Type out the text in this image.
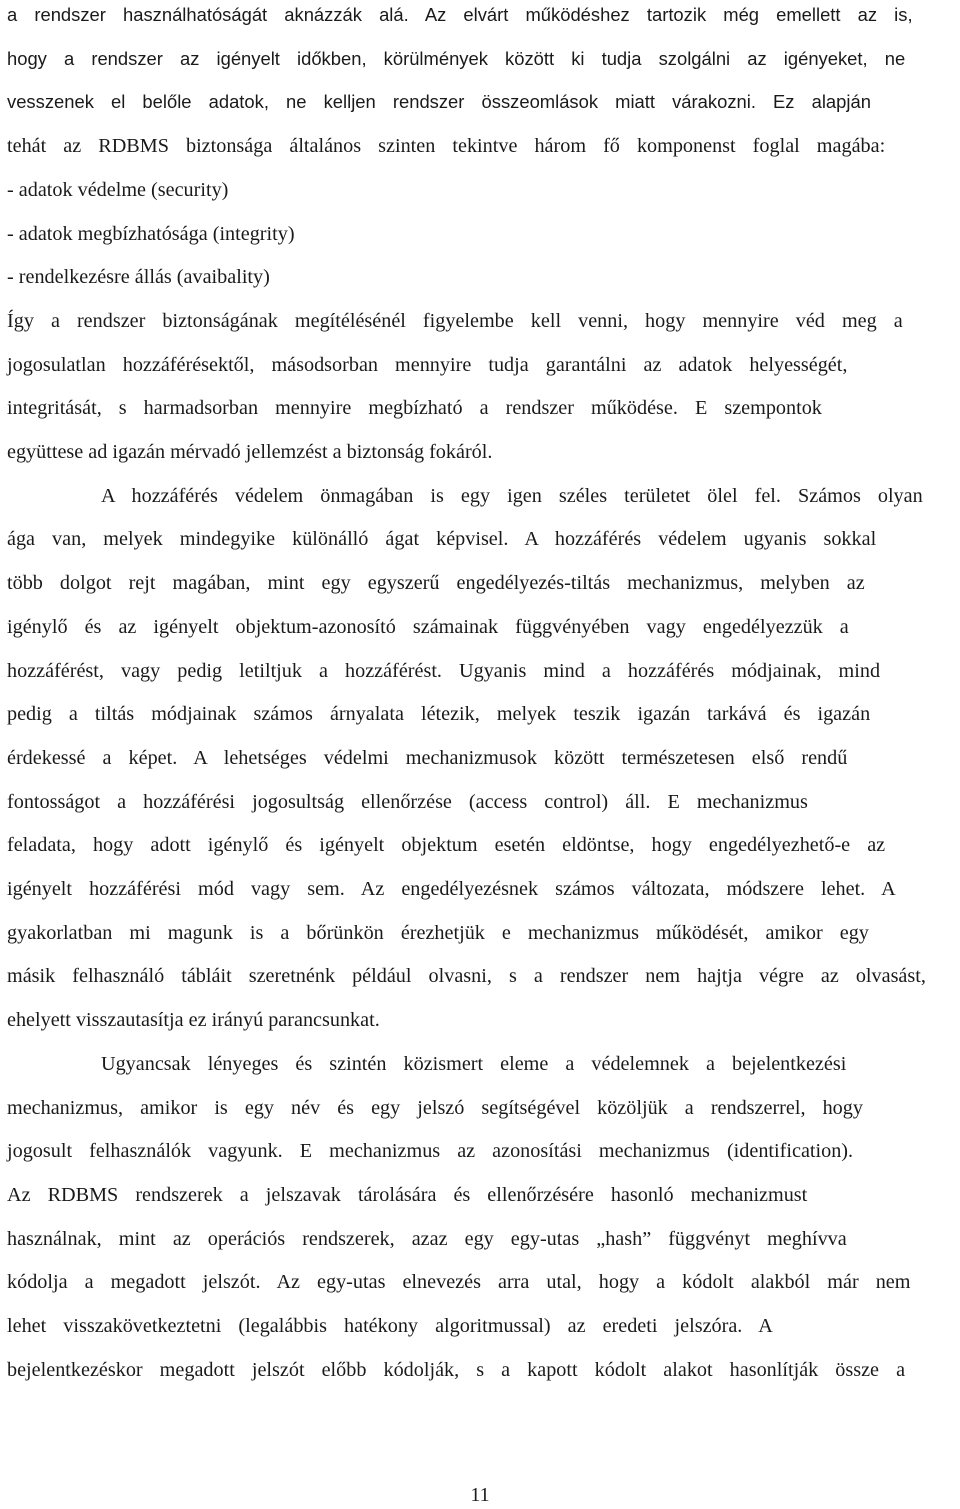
a rendszer használhatóságát aknázzák alá. Az elvárt működéshez tartozik még emellett az is,
hogy a rendszer az igényelt időkben, körülmények között ki tudja szolgálni az igényeket, ne
vesszenek el belőle adatok, ne kelljen rendszer összeomlások miatt várakozni. Ez alapján
tehát az RDBMS biztonsága általános szinten tekintve három fő komponenst foglal magába:
- adatok védelme (security)
- adatok megbízhatósága (integrity)
- rendelkezésre állás (avaibality)
Így a rendszer biztonságának megítélésénél figyelembe kell venni, hogy mennyire véd meg a
jogosulatlan hozzáférésektől, másodsorban mennyire tudja garantálni az adatok helyességét,
integritását, s harmadsorban mennyire megbízható a rendszer működése. E szempontok
együttese ad igazán mérvadó jellemzést a biztonság fokáról.
A hozzáférés védelem önmagában is egy igen széles területet ölel fel. Számos olyan
ága van, melyek mindegyike különálló ágat képvisel. A hozzáférés védelem ugyanis sokkal
több dolgot rejt magában, mint egy egyszerű engedélyezés-tiltás mechanizmus, melyben az
igénylő és az igényelt objektum-azonosító számainak függvényében vagy engedélyezzük a
hozzáférést, vagy pedig letiltjuk a hozzáférést. Ugyanis mind a hozzáférés módjainak, mind
pedig a tiltás módjainak számos árnyalata létezik, melyek teszik igazán tarkává és igazán
érdekessé a képet. A lehetséges védelmi mechanizmusok között természetesen első rendű
fontosságot a hozzáférési jogosultság ellenőrzése (access control) áll. E mechanizmus
feladata, hogy adott igénylő és igényelt objektum esetén eldöntse, hogy engedélyezhető-e az
igényelt hozzáférési mód vagy sem. Az engedélyezésnek számos változata, módszere lehet. A
gyakorlatban mi magunk is a bőrünkön érezhetjük e mechanizmus működését, amikor egy
másik felhasználó tábláit szeretnénk például olvasni, s a rendszer nem hajtja végre az olvasást,
ehelyett visszautasítja ez irányú parancsunkat.
Ugyancsak lényeges és szintén közismert eleme a védelemnek a bejelentkezési
mechanizmus, amikor is egy név és egy jelszó segítségével közöljük a rendszerrel, hogy
jogosult felhasználók vagyunk. E mechanizmus az azonosítási mechanizmus (identification).
Az RDBMS rendszerek a jelszavak tárolására és ellenőrzésére hasonló mechanizmust
használnak, mint az operációs rendszerek, azaz egy egy-utas „hash” függvényt meghívva
kódolja a megadott jelszót. Az egy-utas elnevezés arra utal, hogy a kódolt alakból már nem
lehet visszakövetkeztetni (legalábbis hatékony algoritmussal) az eredeti jelszóra. A
bejelentkezéskor megadott jelszót előbb kódolják, s a kapott kódolt alakot hasonlítják össze a
11
